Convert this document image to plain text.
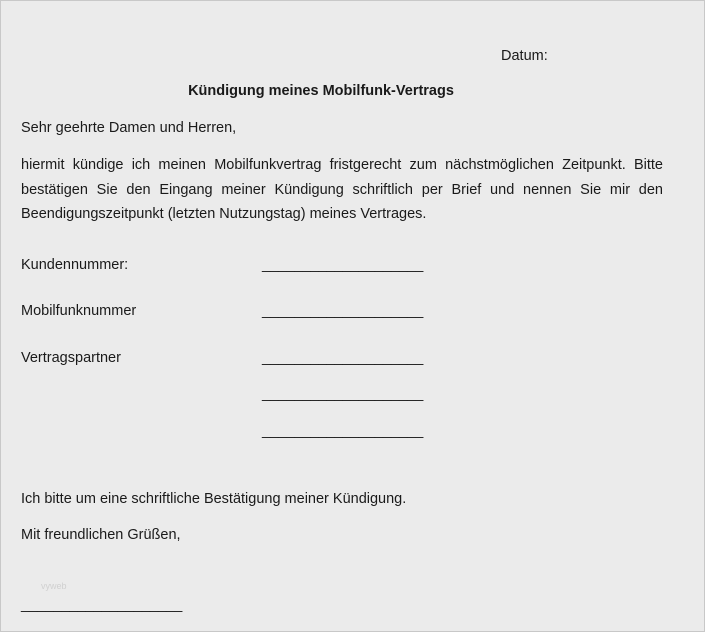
Datum:
Kündigung meines Mobilfunk-Vertrags
Sehr geehrte Damen und Herren,
hiermit kündige ich meinen Mobilfunkvertrag fristgerecht zum nächstmöglichen Zeitpunkt. Bitte bestätigen Sie den Eingang meiner Kündigung schriftlich per Brief und nennen Sie mir den Beendigungszeitpunkt (letzten Nutzungstag) meines Vertrages.
Kundennummer:	____________________
Mobilfunknummer	____________________
Vertragspartner	____________________
____________________
____________________
Ich bitte um eine schriftliche Bestätigung meiner Kündigung.
Mit freundlichen Grüßen,
vyweb
____________________
